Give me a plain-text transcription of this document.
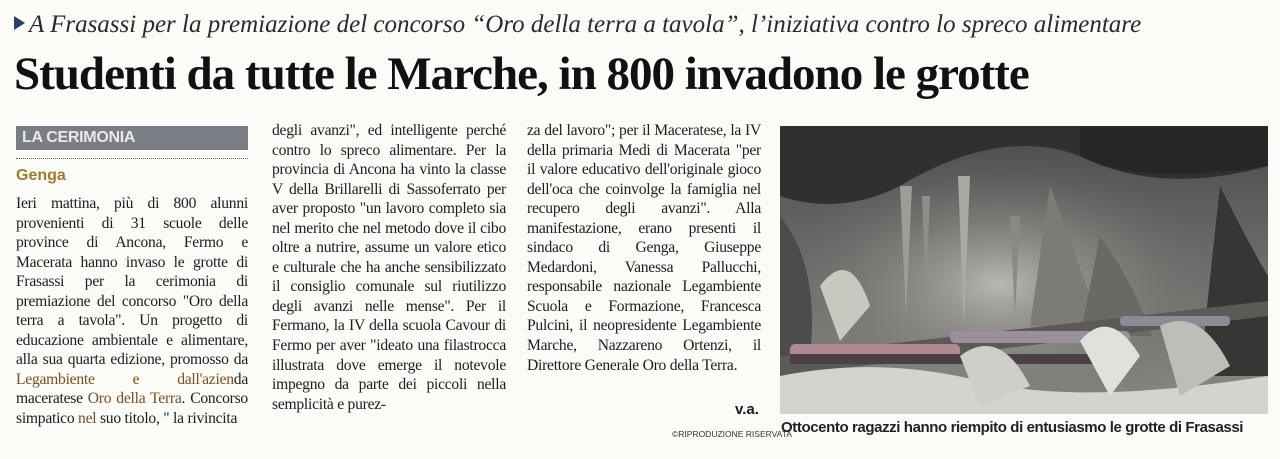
A Frasassi per la premiazione del concorso “Oro della terra a tavola”, l’iniziativa contro lo spreco alimentare
Studenti da tutte le Marche, in 800 invadono le grotte
LA CERIMONIA
Genga

Ieri mattina, più di 800 alunni provenienti di 31 scuole delle province di Ancona, Fermo e Macerata hanno invaso le grotte di Frasassi per la cerimonia di premiazione del concorso "Oro della terra a tavola". Un progetto di educazione ambientale e alimentare, alla sua quarta edizione, promosso da Legambiente e dall'azienda maceratese Oro della Terra. Concorso simpatico nel suo titolo, " la rivincita

degli avanzi", ed intelligente perché contro lo spreco alimentare. Per la provincia di Ancona ha vinto la classe V della Brillarelli di Sassoferrato per aver proposto "un lavoro completo sia nel merito che nel metodo dove il cibo oltre a nutrire, assume un valore etico e culturale che ha anche sensibilizzato il consiglio comunale sul riutilizzo degli avanzi nelle mense". Per il Fermano, la IV della scuola Cavour di Fermo per aver "ideato una filastrocca illustrata dove emerge il notevole impegno da parte dei piccoli nella semplicità e purez-

za del lavoro"; per il Maceratese, la IV della primaria Medi di Macerata "per il valore educativo dell'originale gioco dell'oca che coinvolge la famiglia nel recupero degli avanzi". Alla manifestazione, erano presenti il sindaco di Genga, Giuseppe Medardoni, Vanessa Pallucchi, responsabile nazionale Legambiente Scuola e Formazione, Francesca Pulcini, il neopresidente Legambiente Marche, Nazzareno Ortenzi, il Direttore Generale Oro della Terra.

v.a.
©RIPRODUZIONE RISERVATA
Ottocento ragazzi hanno riempito di entusiasmo le grotte di Frasassi
